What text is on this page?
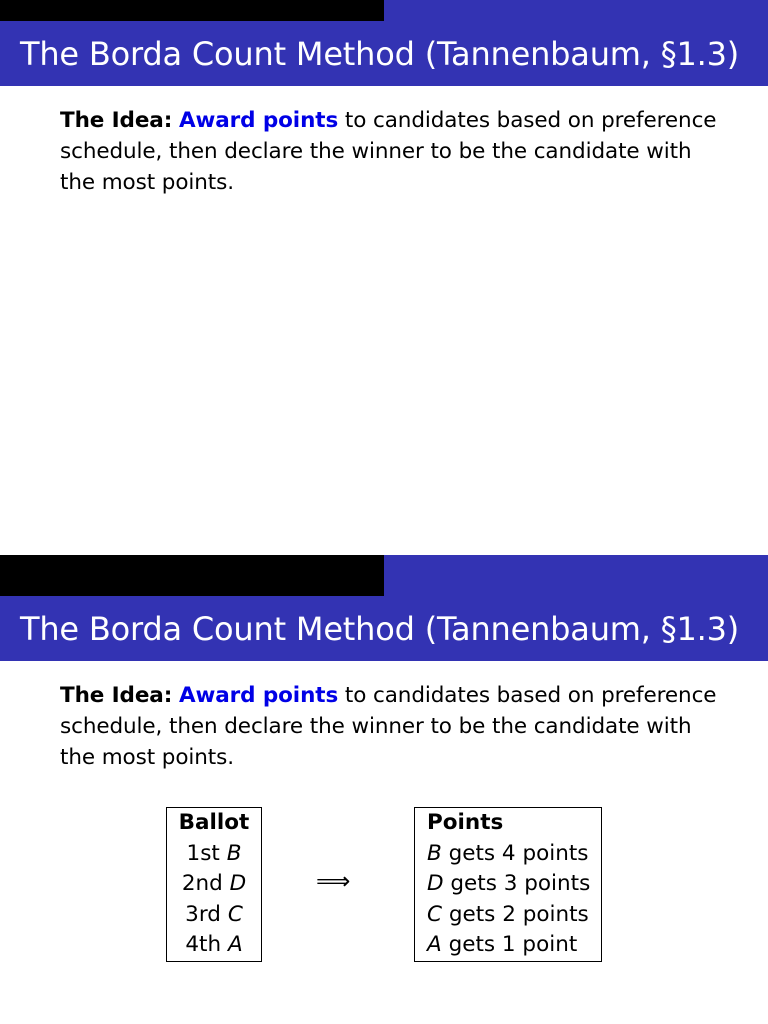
The Borda Count Method (Tannenbaum, §1.3)
The Idea: Award points to candidates based on preference schedule, then declare the winner to be the candidate with the most points.
The Borda Count Method (Tannenbaum, §1.3)
The Idea: Award points to candidates based on preference schedule, then declare the winner to be the candidate with the most points.
Ballot
1st B
2nd D
3rd C
4th A
⟹
Points
B gets 4 points
D gets 3 points
C gets 2 points
A gets 1 point
